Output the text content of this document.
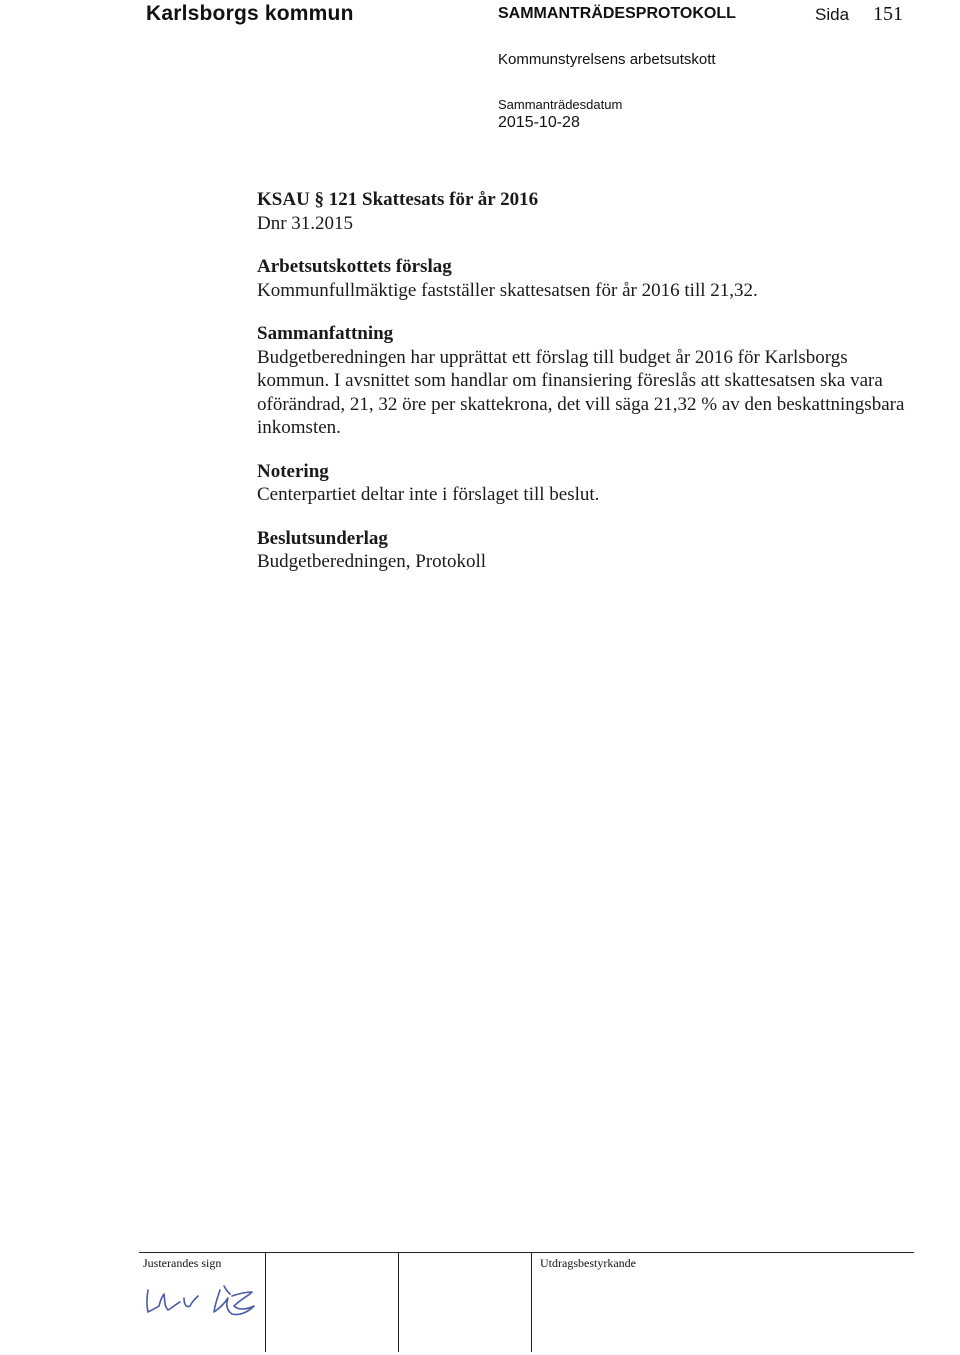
Karlsborgs kommun	SAMMANTRÄDESPROTOKOLL	Sida 151
Kommunstyrelsens arbetsutskott
Sammanträdesdatum
2015-10-28

KSAU § 121 Skattesats för år 2016

Dnr 31.2015

Arbetsutskottets förslag

Kommunfullmäktige fastställer skattesatsen för år 2016 till 21,32.

Sammanfattning

Budgetberedningen har upprättat ett förslag till budget år 2016 för Karlsborgs kommun. I avsnittet som handlar om finansiering föreslås att skattesatsen ska vara oförändrad, 21, 32 öre per skattekrona, det vill säga 21,32 % av den beskattningsbara inkomsten.

Notering

Centerpartiet deltar inte i förslaget till beslut.

Beslutsunderlag

Budgetberedningen, Protokoll

Justerandes sign	Utdragsbestyrkande
